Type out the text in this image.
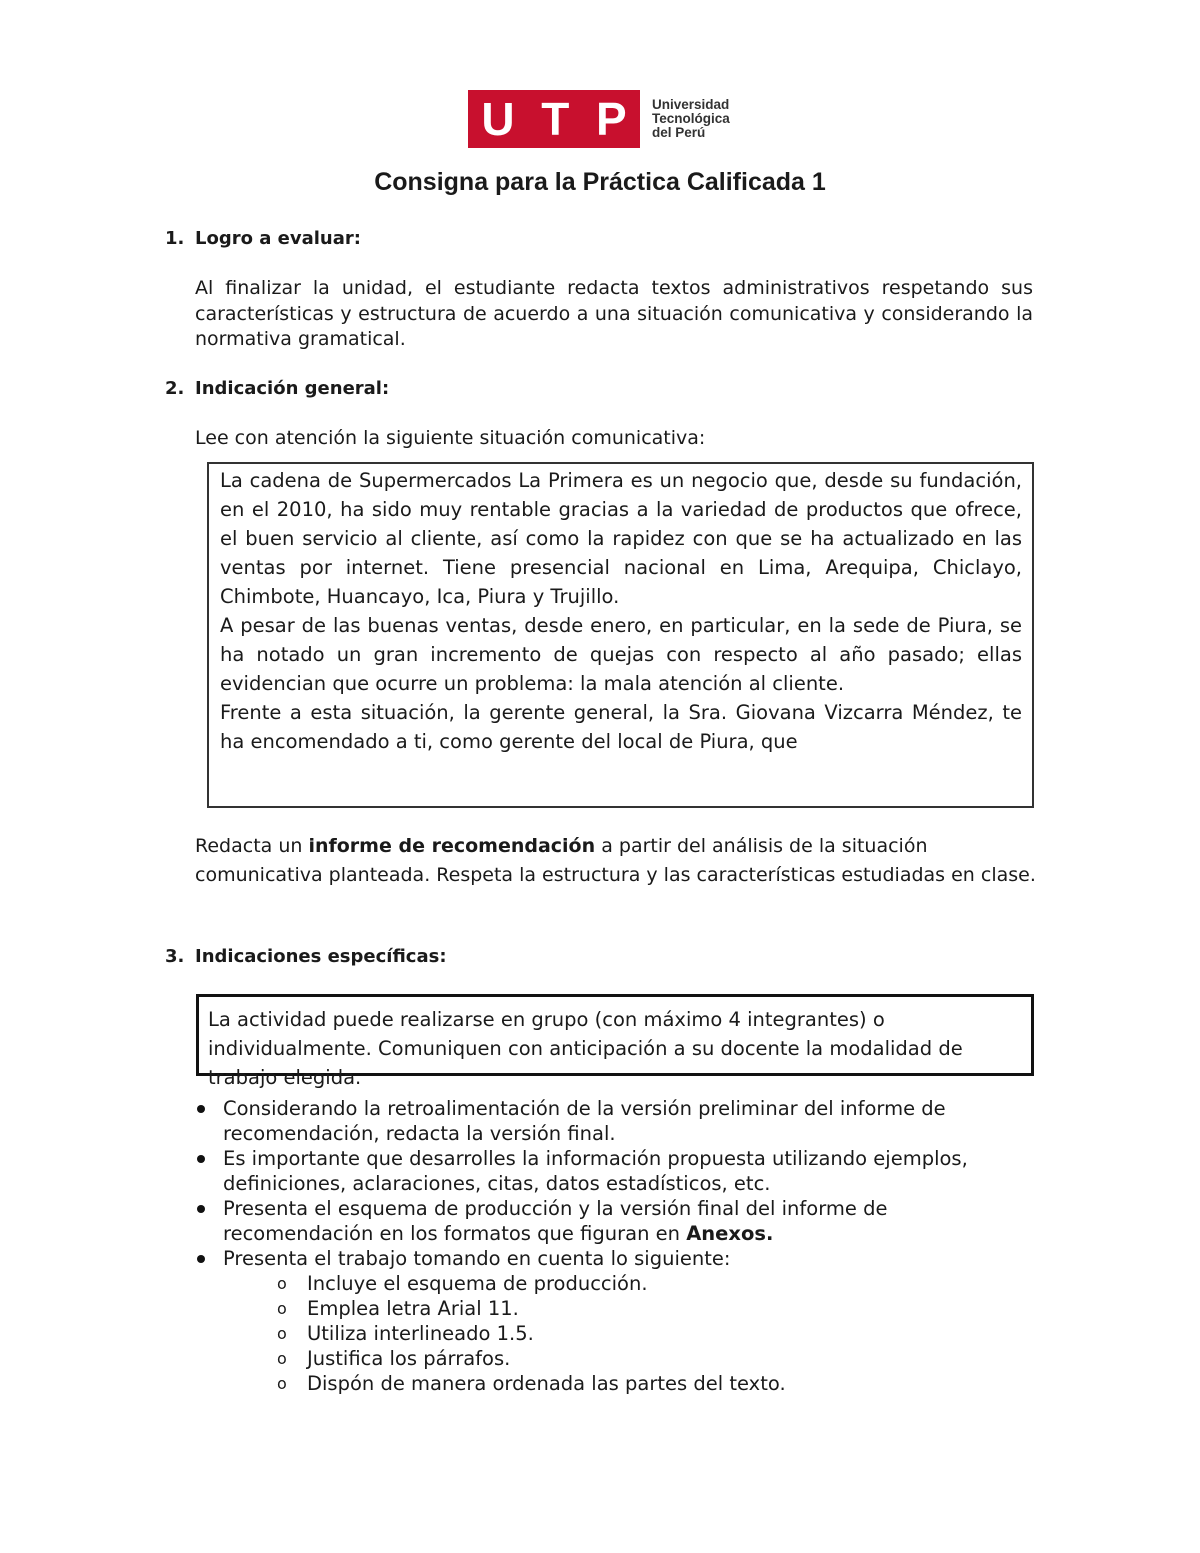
U T P Universidad
Tecnológica
del Perú
Consigna para la Práctica Calificada 1
1. Logro a evaluar:
Al finalizar la unidad, el estudiante redacta textos administrativos respetando sus características y estructura de acuerdo a una situación comunicativa y considerando la normativa gramatical.
2. Indicación general:
Lee con atención la siguiente situación comunicativa:

La cadena de Supermercados La Primera es un negocio que, desde su fundación, en el 2010, ha sido muy rentable gracias a la variedad de productos que ofrece, el buen servicio al cliente, así como la rapidez con que se ha actualizado en las ventas por internet. Tiene presencial nacional en Lima, Arequipa, Chiclayo, Chimbote, Huancayo, Ica, Piura y Trujillo.

A pesar de las buenas ventas, desde enero, en particular, en la sede de Piura, se ha notado un gran incremento de quejas con respecto al año pasado; ellas evidencian que ocurre un problema: la mala atención al cliente.

Frente a esta situación, la gerente general, la Sra. Giovana Vizcarra Méndez, te ha encomendado a ti, como gerente del local de Piura, que

Redacta un informe de recomendación a partir del análisis de la situación comunicativa planteada. Respeta la estructura y las características estudiadas en clase.
3. Indicaciones específicas:

La actividad puede realizarse en grupo (con máximo 4 integrantes) o individualmente. Comuniquen con anticipación a su docente la modalidad de trabajo elegida.

Considerando la retroalimentación de la versión preliminar del informe de recomendación, redacta la versión final.
Es importante que desarrolles la información propuesta utilizando ejemplos, definiciones, aclaraciones, citas, datos estadísticos, etc.
Presenta el esquema de producción y la versión final del informe de recomendación en los formatos que figuran en Anexos.
Presenta el trabajo tomando en cuenta lo siguiente:
o Incluye el esquema de producción.
o Emplea letra Arial 11.
o Utiliza interlineado 1.5.
o Justifica los párrafos.
o Dispón de manera ordenada las partes del texto.
